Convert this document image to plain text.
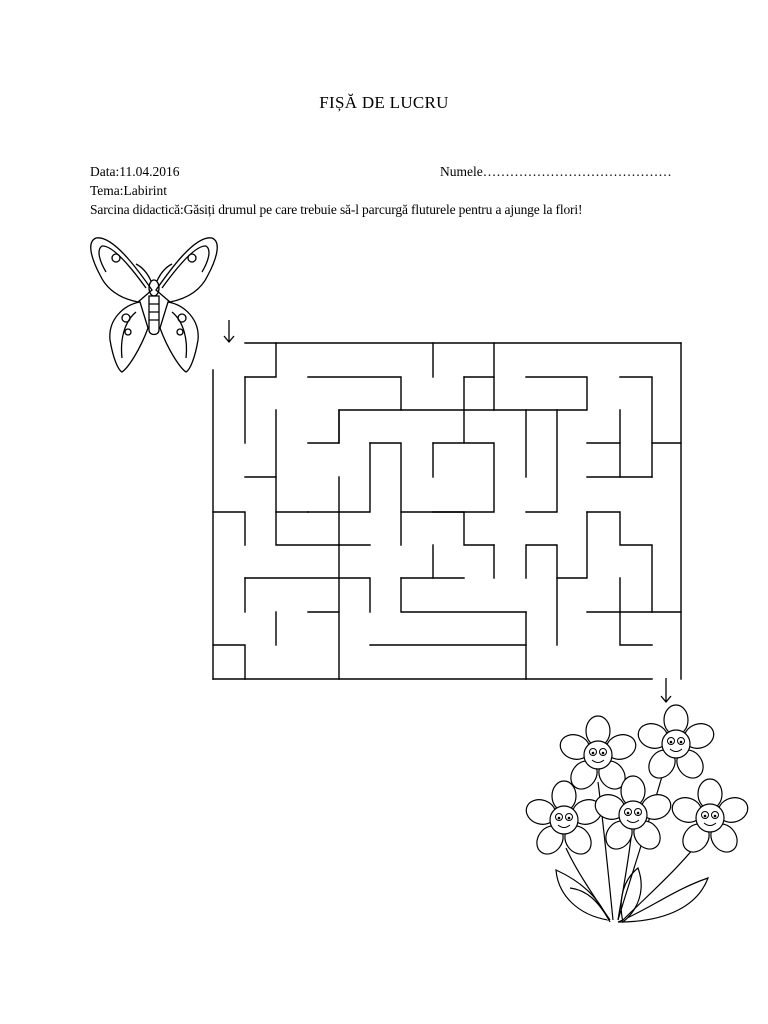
FIȘĂ DE LUCRU
Data:11.04.2016	Numele……………………………………
Tema:Labirint
Sarcina didactică:Găsiți drumul pe care trebuie să-l parcurgă fluturele pentru a ajunge la flori!
